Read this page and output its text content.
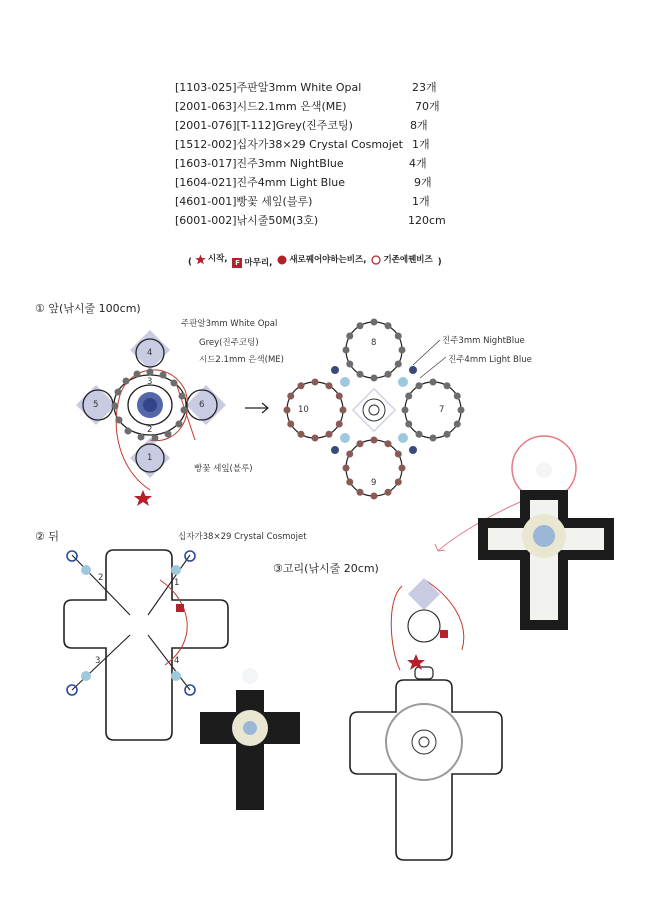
[1103-025]주판알3mm White Opal	23개
[2001-063]시드2.1mm 은색(ME)	70개
[2001-076][T-112]Grey(진주코팅)	8개
[1512-002]십자가38×29 Crystal Cosmojet 1개
[1603-017]진주3mm NightBlue	4개
[1604-021]진주4mm Light Blue	9개
[4601-001]빵꽃 세잎(블루)	1개
[6001-002]낚시줄50M(3호)	120cm
( 시작,
	F 마무리,
새로꿰어야하는비즈,
기존에꿴비즈 )
① 앞(낚시줄 100cm)
② 뒤
③고리(낚시줄 20cm)
주판알3mm White Opal
Grey(진주코팅)
시드2.1mm 은색(ME)
빵꽃 세잎(블루)
진주3mm NightBlue
진주4mm Light Blue
십자가38×29 Crystal Cosmojet
4
1
5	6
3
2
8
9
10	7
2	1
3	4
